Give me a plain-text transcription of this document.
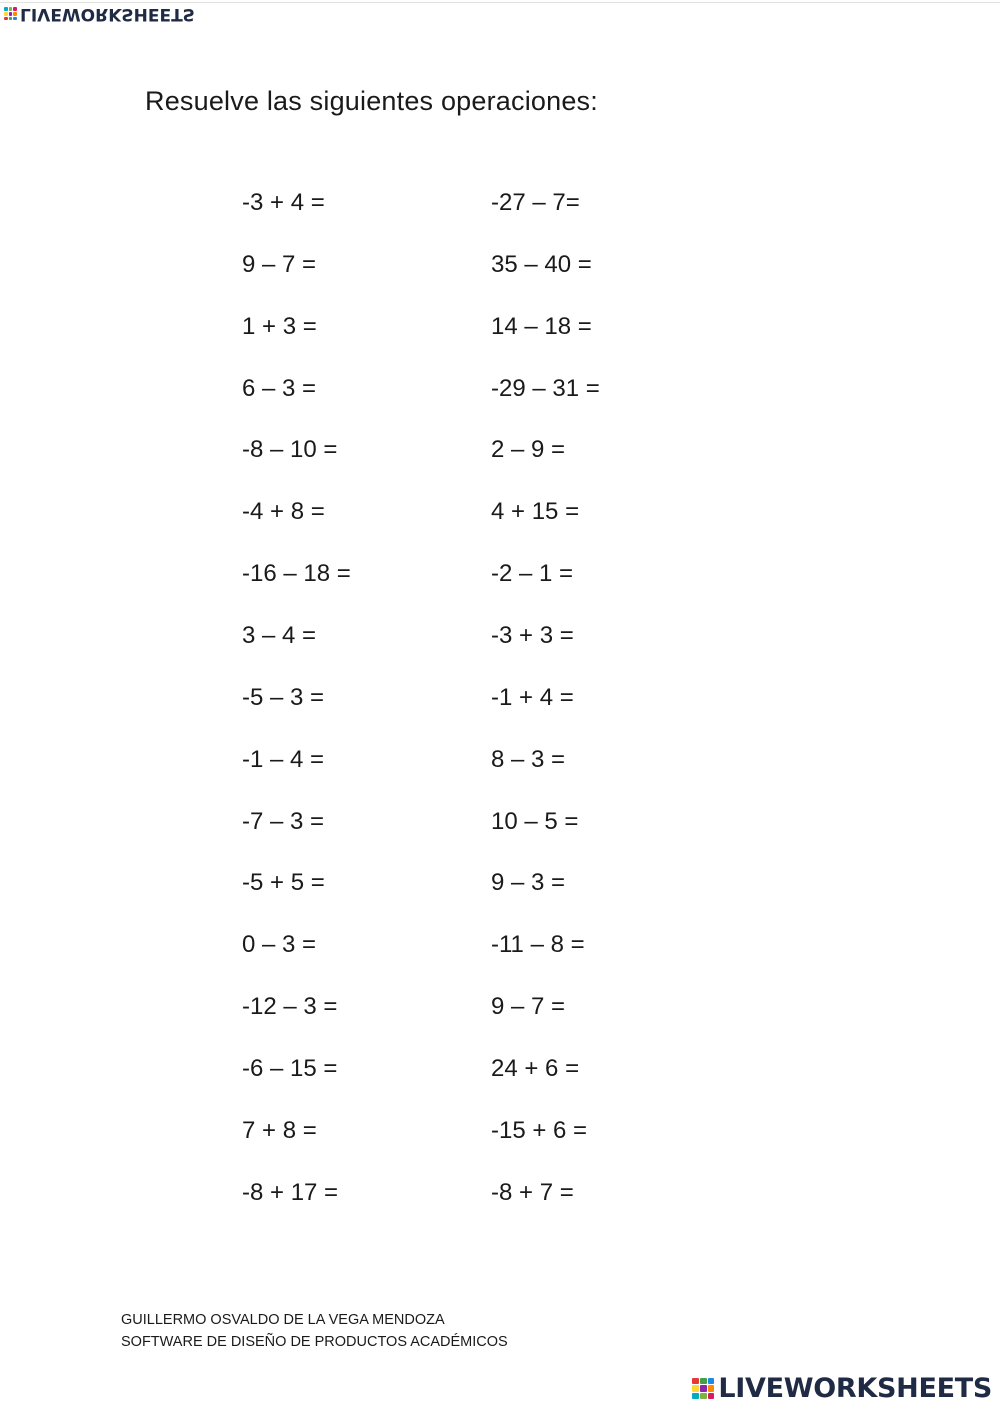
LIVEWORKSHEETS
Resuelve las siguientes operaciones:
-3 + 4 =
9 – 7 =
1 + 3 =
6 – 3 =
-8 – 10 =
-4 + 8 =
-16 – 18 =
3 – 4 =
-5 – 3 =
-1 – 4 =
-7 – 3 =
-5 + 5 =
0 – 3 =
-12 – 3 =
-6 – 15 =
7 + 8 =
-8 + 17 =
-27 – 7=
35 – 40 =
14 – 18 =
-29 – 31 =
2 – 9 =
4 + 15 =
-2 – 1 =
-3 + 3 =
-1 + 4 =
8 – 3 =
10 – 5 =
9 – 3 =
-11 – 8 =
9 – 7 =
24 + 6 =
-15 + 6 =
-8 + 7 =
GUILLERMO OSVALDO DE LA VEGA MENDOZA
SOFTWARE DE DISEÑO DE PRODUCTOS ACADÉMICOS
LIVEWORKSHEETS
